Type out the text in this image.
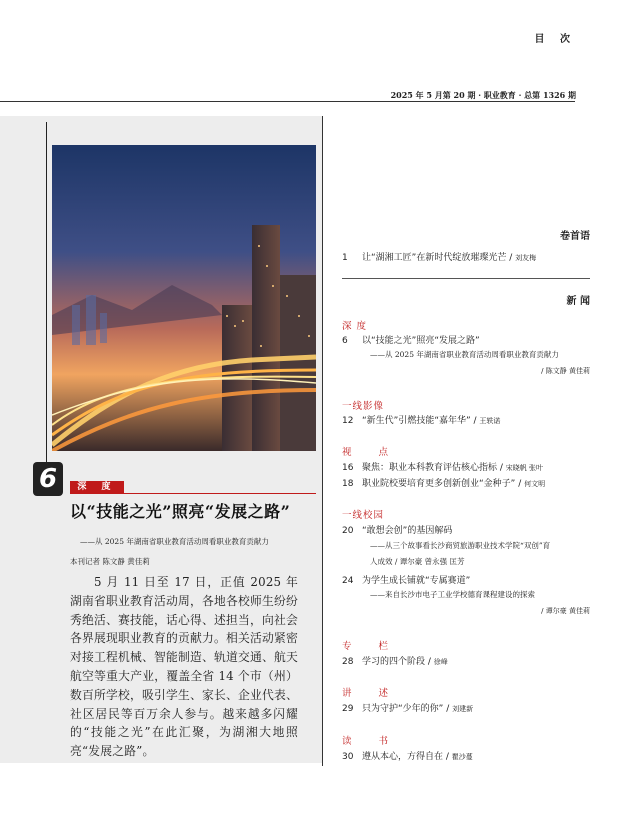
目 次
2025 年 5 月第 20 期 · 职业教育 · 总第 1326 期
6	深 度
以“技能之光”照亮“发展之路”
——从 2025 年湖南省职业教育活动周看职业教育贡献力
本刊记者 陈文静 黄佳莉
5 月 11 日至 17 日，正值 2025 年湖南省职业教育活动周，各地各校师生纷纷秀绝活、赛技能，话心得、述担当，向社会各界展现职业教育的贡献力。相关活动紧密对接工程机械、智能制造、轨道交通、航天航空等重大产业，覆盖全省 14 个市（州）数百所学校，吸引学生、家长、企业代表、社区居民等百万余人参与。越来越多闪耀的“技能之光”在此汇聚，为湖湘大地照亮“发展之路”。
卷首语
1 让“湖湘工匠”在新时代绽放璀璨光芒 / 刘友梅
新 闻
深 度
6 以“技能之光”照亮“发展之路”
——从 2025 年湖南省职业教育活动周看职业教育贡献力
/ 陈文静 黄佳莉
一线影像
12 “新生代”引燃技能“嘉年华” / 王轶诺
视 点
16 聚焦：职业本科教育评估核心指标 / 宋晓帆 张叶
18 职业院校要培育更多创新创业“金种子” / 何文明
一线校园
20 “敢想会创”的基因解码
——从三个故事看长沙商贸旅游职业技术学院“双创”育
人成效 / 谭尔豪 曾永强 匡芳
24 为学生成长铺就“专属赛道”
——来自长沙市电子工业学校德育课程建设的探索
/ 谭尔豪 黄佳莉
专 栏
28 学习的四个阶段 / 徐峰
讲 述
29 只为守护“少年的你” / 刘建新
读 书
30 遵从本心，方得自在 / 瞿沙蔓
